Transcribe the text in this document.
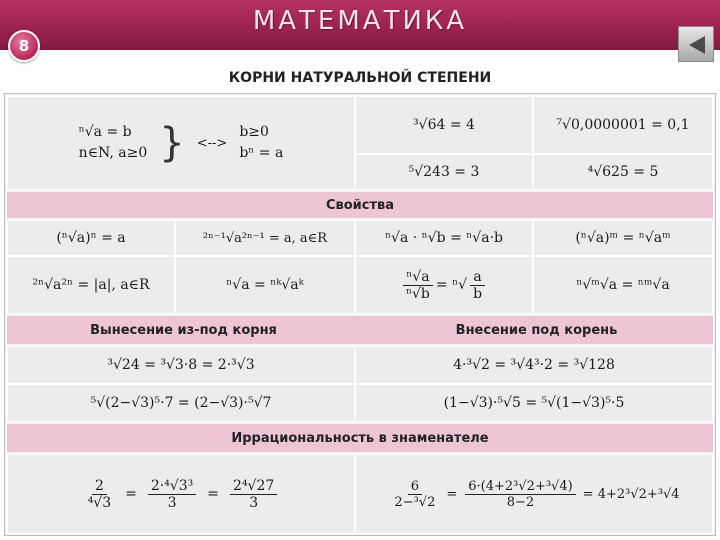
МАТЕМАТИКА
8
КОРНИ НАТУРАЛЬНОЙ СТЕПЕНИ
ⁿ√a = b
n∈N, a≥0 } <-->
b≥0
bⁿ = a
³√64 = 4	⁷√0,0000001 = 0,1
⁵√243 = 3	⁴√625 = 5
Свойства
(ⁿ√a)ⁿ = a	²ⁿ⁻¹√a²ⁿ⁻¹ = a, a∈R	ⁿ√a · ⁿ√b = ⁿ√a·b	(ⁿ√a)ᵐ = ⁿ√aᵐ
²ⁿ√a²ⁿ = |a|, a∈R	ⁿ√a = ⁿᵏ√aᵏ	$\frac{\text{ⁿ√a}}{\text{ⁿ√b}} = ^n√ \frac{a}{b}$	ⁿ√ᵐ√a = ⁿᵐ√a
Вынесение из-под корня	Внесение под корень
³√24 = ³√3·8 = 2·³√3	4·³√2 = ³√4³·2 = ³√128
⁵√(2−√3)⁵·7 = (2−√3)·⁵√7	(1−√3)·⁵√5 = ⁵√(1−√3)⁵·5
Иррациональность в знаменателе
$\frac{2}{\text{⁴√3}} = \frac{\text{2·⁴√3³}}{3} = \frac{\text{2⁴√27}}{3}$	$\frac{6}{\text{2−³√2}} = \frac{\text{6·(4+2³√2+³√4)}}{8-2} = 4+2^3√2+^3√4$
